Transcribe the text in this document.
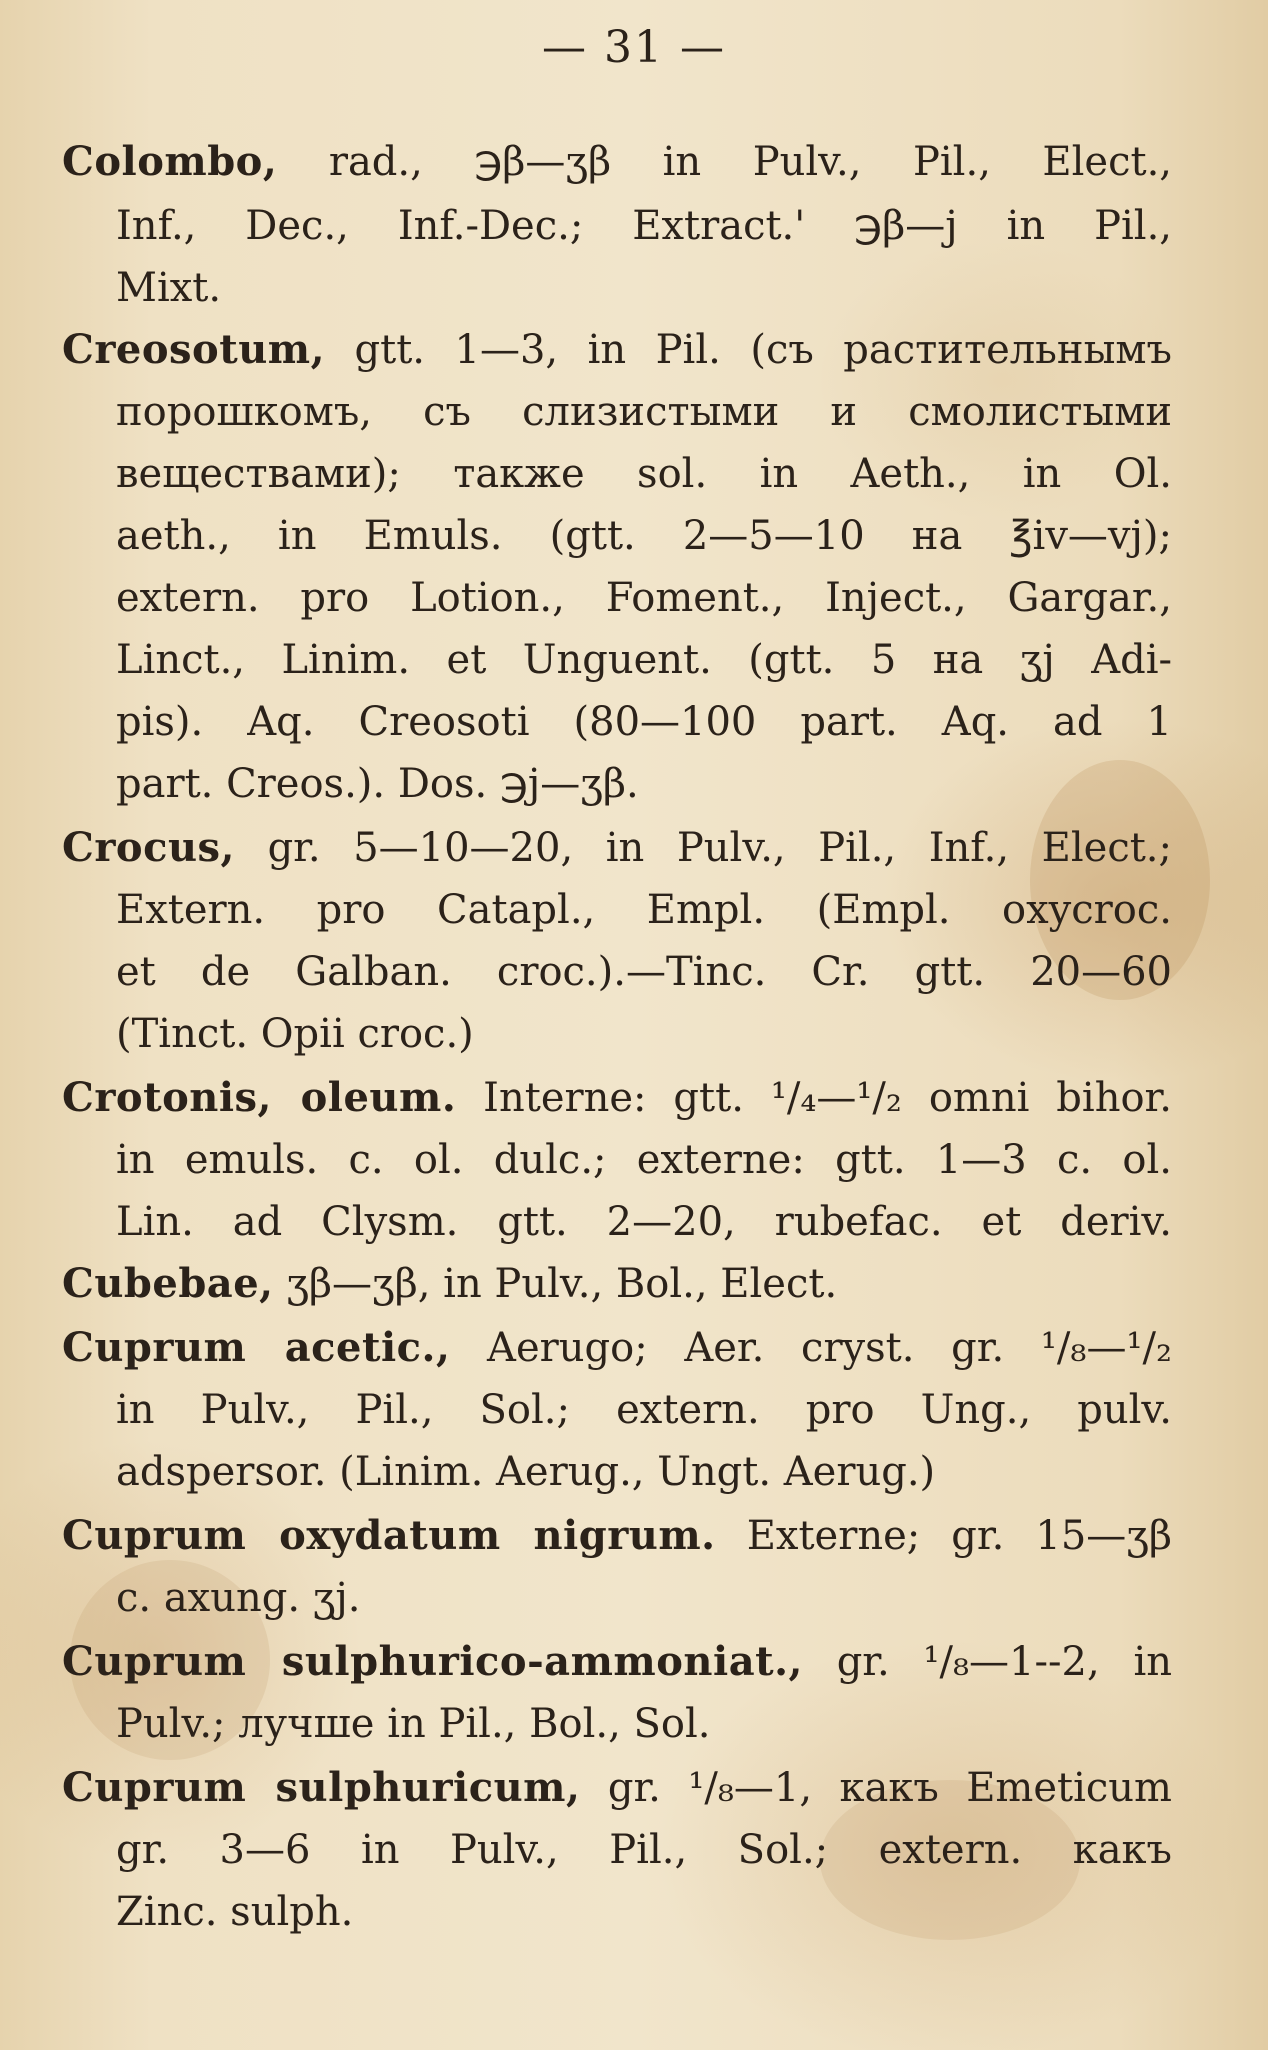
— 31 —
Colombo, rad., ℈β—ʒβ in Pulv., Pil., Elect.,
Inf., Dec., Inf.-Dec.; Extract.' ℈β—j in Pil.,
Mixt.
Creosotum, gtt. 1—3, in Pil. (съ растительнымъ
порошкомъ, съ слизистыми и смолистыми
веществами); также sol. in Aeth., in Ol.
aeth., in Emuls. (gtt. 2—5—10 на ℥iv—vj);
extern. pro Lotion., Foment., Inject., Gargar.,
Linct., Linim. et Unguent. (gtt. 5 на ʒj Adi-
pis). Aq. Creosoti (80—100 part. Aq. ad 1
part. Creos.). Dos. ℈j—ʒβ.
Crocus, gr. 5—10—20, in Pulv., Pil., Inf., Elect.;
Extern. pro Catapl., Empl. (Empl. oxycroc.
et de Galban. croc.).—Tinc. Cr. gtt. 20—60
(Tinct. Opii croc.)
Crotonis, oleum. Interne: gtt. ¹/₄—¹/₂ omni bihor.
in emuls. c. ol. dulc.; externe: gtt. 1—3 c. ol.
Lin. ad Clysm. gtt. 2—20, rubefac. et deriv.
Cubebae, ʒβ—ʒβ, in Pulv., Bol., Elect.
Cuprum acetic., Aerugo; Aer. cryst. gr. ¹/₈—¹/₂
in Pulv., Pil., Sol.; extern. pro Ung., pulv.
adspersor. (Linim. Aerug., Ungt. Aerug.)
Cuprum oxydatum nigrum. Externe; gr. 15—ʒβ
c. axung. ʒj.
Cuprum sulphurico-ammoniat., gr. ¹/₈—1--2, in
Pulv.; лучше in Pil., Bol., Sol.
Cuprum sulphuricum, gr. ¹/₈—1, какъ Emeticum
gr. 3—6 in Pulv., Pil., Sol.; extern. какъ
Zinc. sulph.
